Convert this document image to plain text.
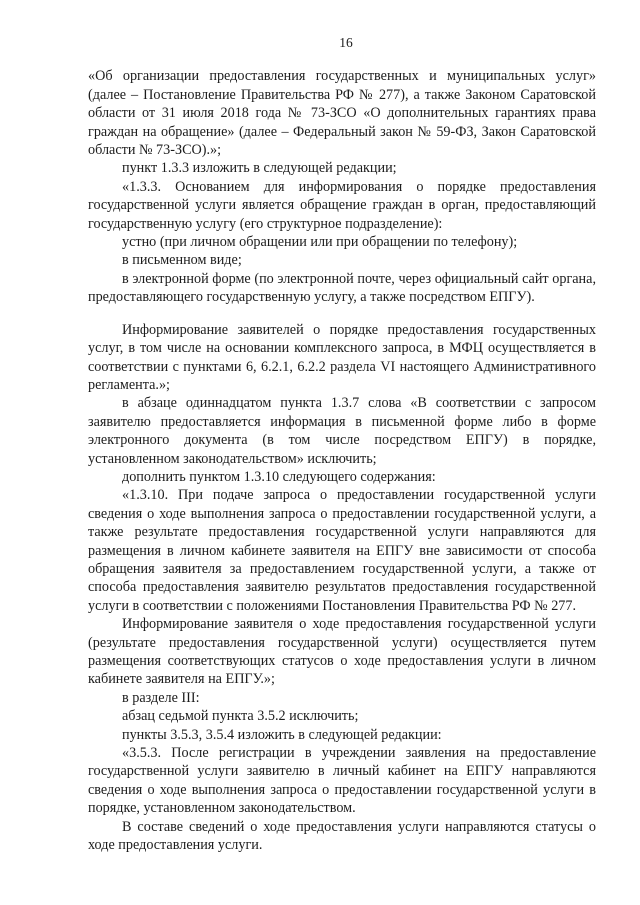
16

«Об организации предоставления государственных и муниципальных услуг» (далее – Постановление Правительства РФ № 277), а также Законом Саратовской области от 31 июля 2018 года № 73-ЗСО «О дополнительных гарантиях права граждан на обращение» (далее – Федеральный закон № 59-ФЗ, Закон Саратовской области № 73-ЗСО).»;

пункт 1.3.3 изложить в следующей редакции;

«1.3.3. Основанием для информирования о порядке предоставления государственной услуги является обращение граждан в орган, предоставляющий государственную услугу (его структурное подразделение):

устно (при личном обращении или при обращении по телефону);

в письменном виде;

в электронной форме (по электронной почте, через официальный сайт органа, предоставляющего государственную услугу, а также посредством ЕПГУ).

Информирование заявителей о порядке предоставления государственных услуг, в том числе на основании комплексного запроса, в МФЦ осуществляется в соответствии с пунктами 6, 6.2.1, 6.2.2 раздела VI настоящего Административного регламента.»;

в абзаце одиннадцатом пункта 1.3.7 слова «В соответствии с запросом заявителю предоставляется информация в письменной форме либо в форме электронного документа (в том числе посредством ЕПГУ) в порядке, установленном законодательством» исключить;

дополнить пунктом 1.3.10 следующего содержания:

«1.3.10. При подаче запроса о предоставлении государственной услуги сведения о ходе выполнения запроса о предоставлении государственной услуги, а также результате предоставления государственной услуги направляются для размещения в личном кабинете заявителя на ЕПГУ вне зависимости от способа обращения заявителя за предоставлением государственной услуги, а также от способа предоставления заявителю результатов предоставления государственной услуги в соответствии с положениями Постановления Правительства РФ № 277.

Информирование заявителя о ходе предоставления государственной услуги (результате предоставления государственной услуги) осуществляется путем размещения соответствующих статусов о ходе предоставления услуги в личном кабинете заявителя на ЕПГУ.»;

в разделе III:

абзац седьмой пункта 3.5.2 исключить;

пункты 3.5.3, 3.5.4 изложить в следующей редакции:

«3.5.3. После регистрации в учреждении заявления на предоставление государственной услуги заявителю в личный кабинет на ЕПГУ направляются сведения о ходе выполнения запроса о предоставлении государственной услуги в порядке, установленном законодательством.

В составе сведений о ходе предоставления услуги направляются статусы о ходе предоставления услуги.
